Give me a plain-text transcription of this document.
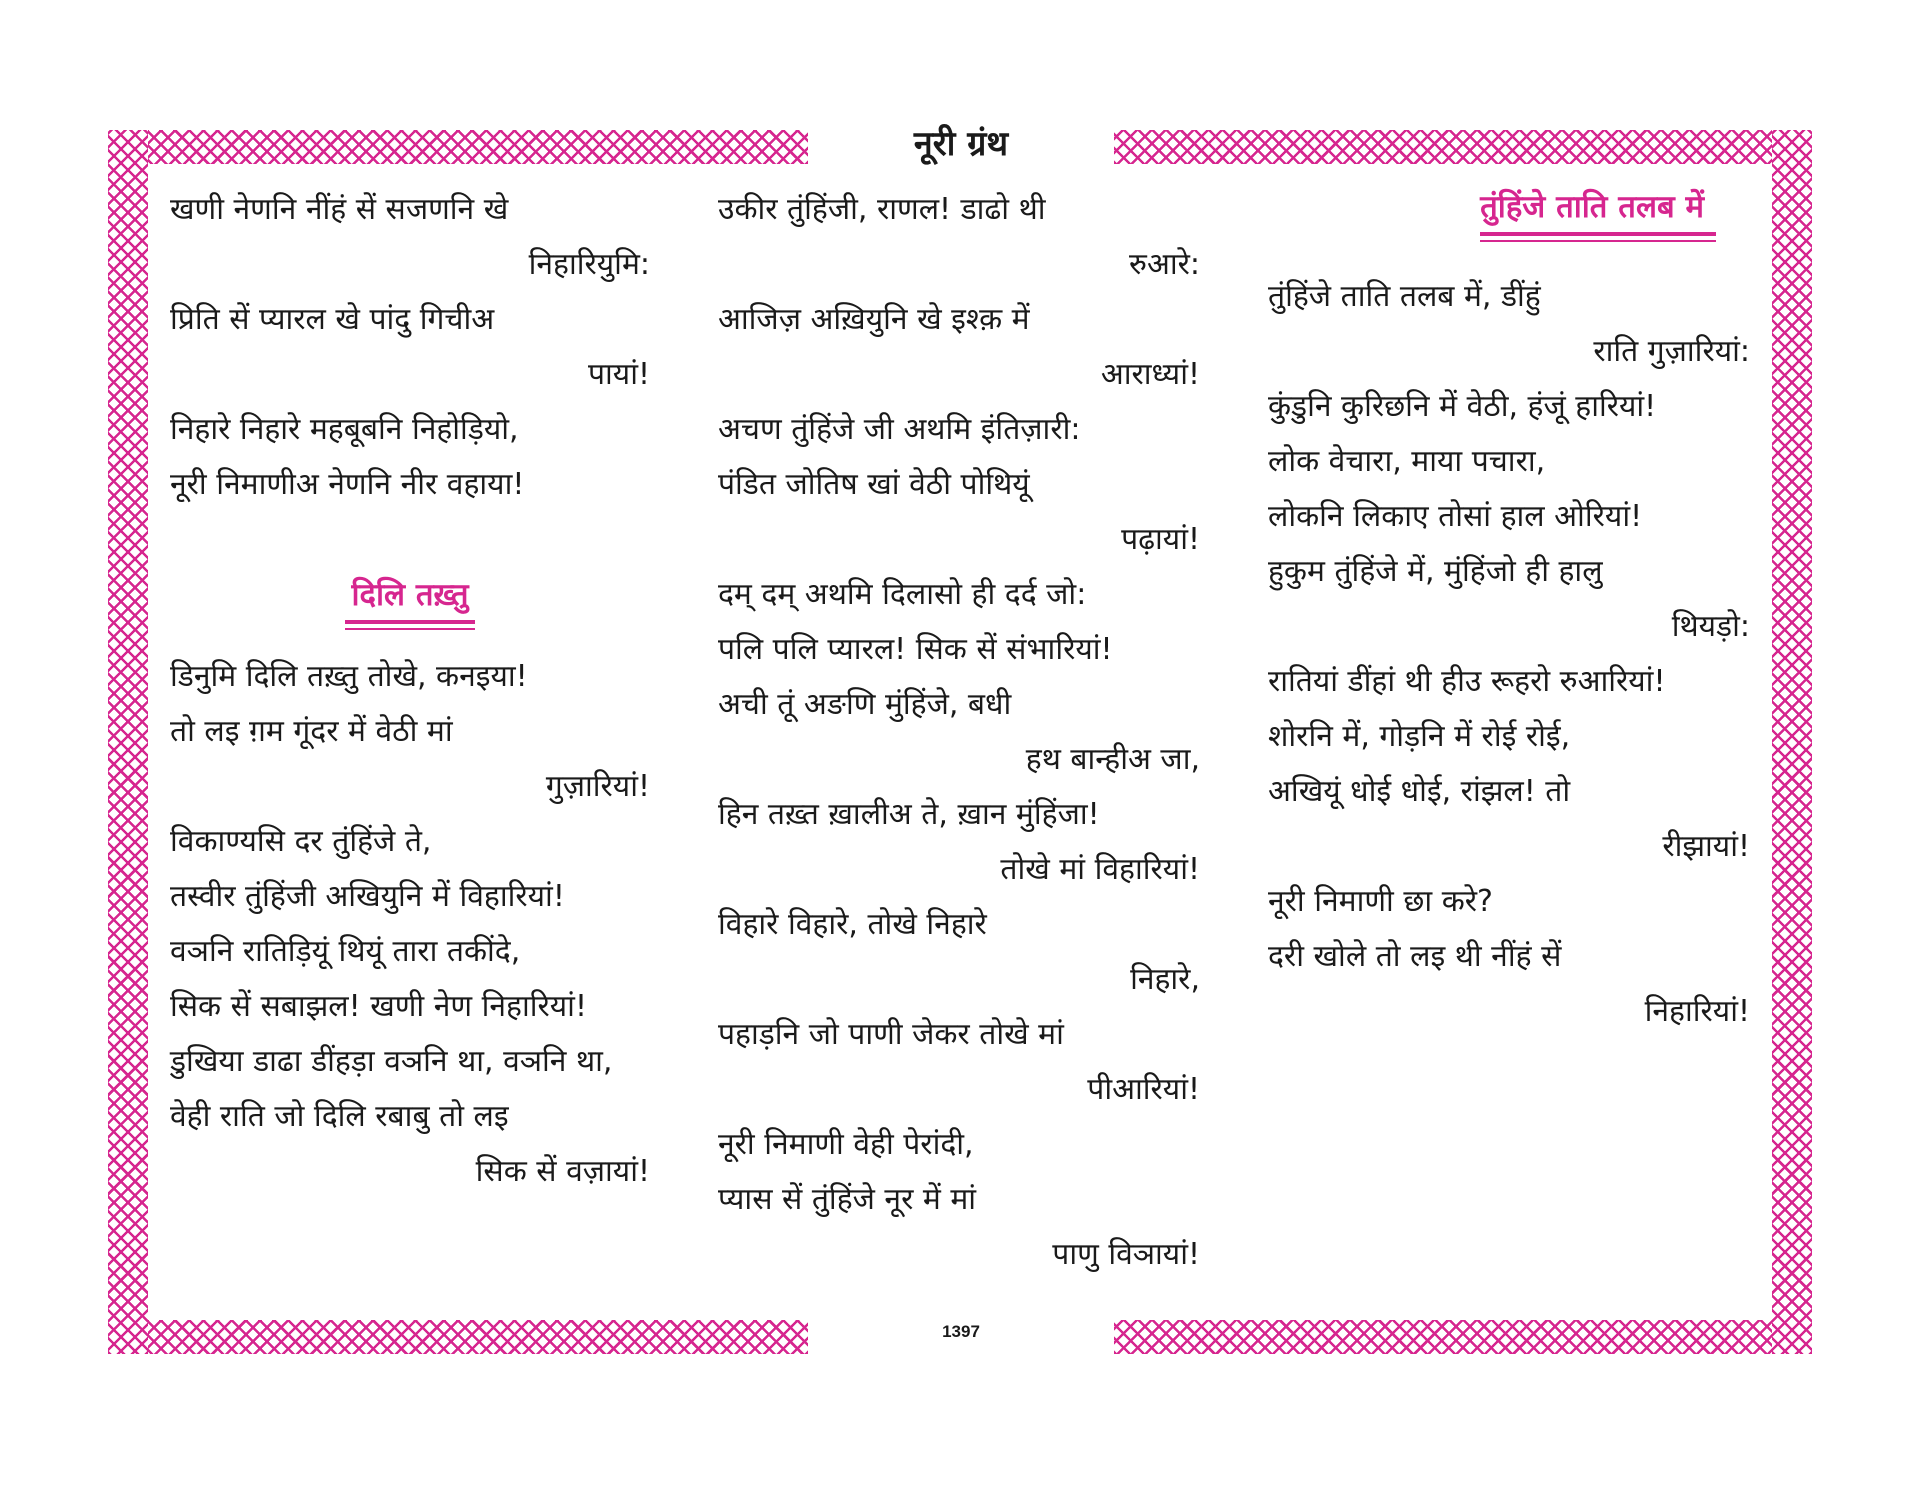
नूरी ग्रंथ
खणी नेणनि नींहं सें सजणनि खे
निहारियुमि:
प्रिति सें प्यारल खे पांदु गिचीअ
पायां!
निहारे निहारे महबूबनि निहोड़ियो,
नूरी निमाणीअ नेणनि नीर वहाया!
दिलि तख़्तु
डिनुमि दिलि तख़्तु तोखे, कनइया!
तो लइ ग़म गूंदर में वेठी मां
गुज़ारियां!
विकाण्यसि दर तुंहिंजे ते,
तस्वीर तुंहिंजी अखियुनि में विहारियां!
वञनि रातिड़ियूं थियूं तारा तकींदे,
सिक सें सबाझल! खणी नेण निहारियां!
डुखिया डाढा डींहड़ा वञनि था, वञनि था,
वेही राति जो दिलि रबाबु तो लइ
सिक सें वज़ायां!
उकीर तुंहिंजी, राणल! डाढो थी
रुआरे:
आजिज़ अख़ियुनि खे इश्क़ में
आराध्यां!
अचण तुंहिंजे जी अथमि इंतिज़ारी:
पंडित जोतिष खां वेठी पोथियूं
पढ़ायां!
दम् दम् अथमि दिलासो ही दर्द जो:
पलि पलि प्यारल! सिक सें संभारियां!
अची तूं अङणि मुंहिंजे, बधी
हथ बान्हीअ जा,
हिन तख़्त ख़ालीअ ते, ख़ान मुंहिंजा!
तोखे मां विहारियां!
विहारे विहारे, तोखे निहारे
निहारे,
पहाड़नि जो पाणी जेकर तोखे मां
पीआरियां!
नूरी निमाणी वेही पेरांदी,
प्यास सें तुंहिंजे नूर में मां
पाणु विञायां!
तुंहिंजे ताति तलब में
तुंहिंजे ताति तलब में, डींहुं
राति गुज़ारियां:
कुंडुनि कुरिछनि में वेठी, हंजूं हारियां!
लोक वेचारा, माया पचारा,
लोकनि लिकाए तोसां हाल ओरियां!
हुकुम तुंहिंजे में, मुंहिंजो ही हालु
थियड़ो:
रातियां डींहां थी हीउ रूहरो रुआरियां!
शोरनि में, गोड़नि में रोई रोई,
अखियूं धोई धोई, रांझल! तो
रीझायां!
नूरी निमाणी छा करे?
दरी खोले तो लइ थी नींहं सें
निहारियां!
1397
